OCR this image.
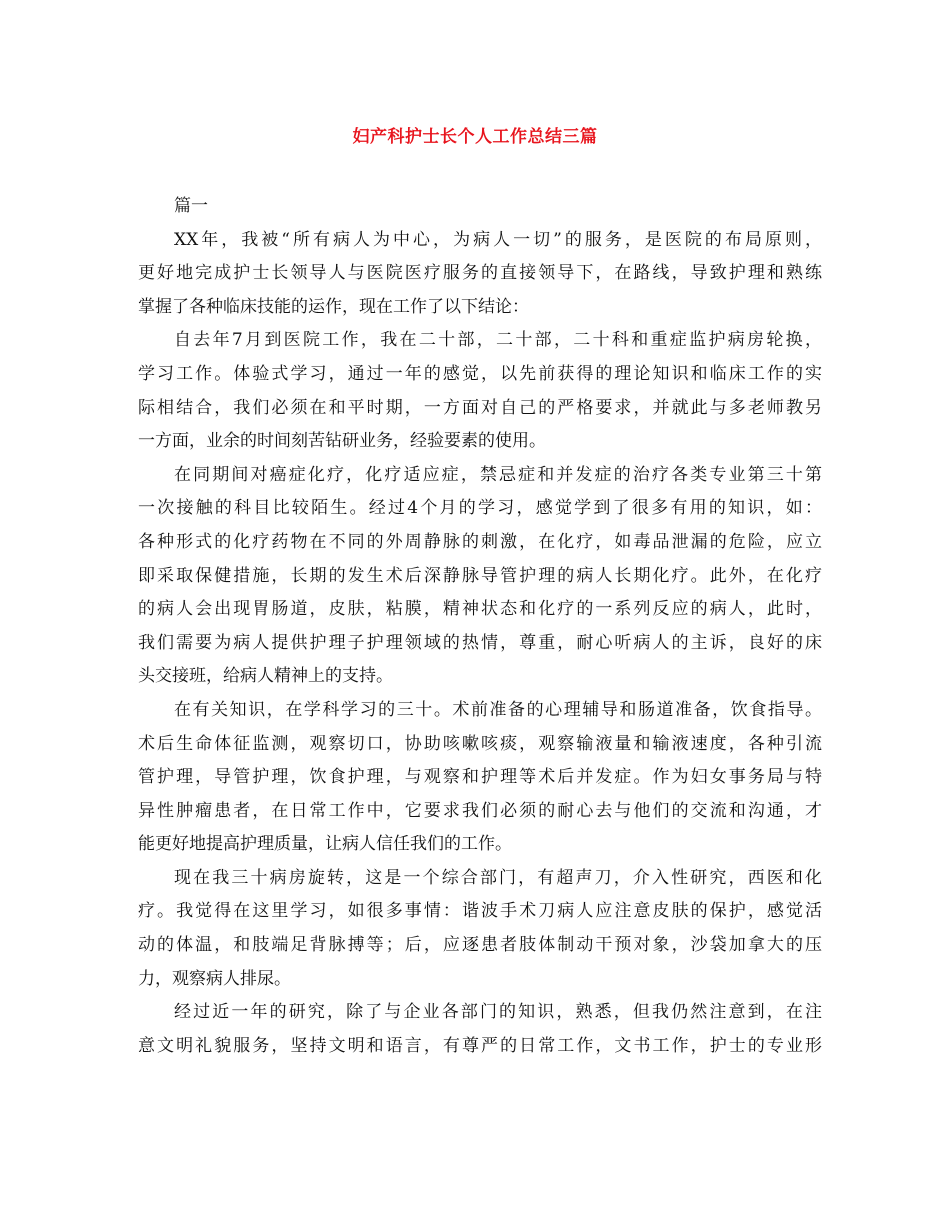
妇产科护士长个人工作总结三篇
篇一
XX年，我被“所有病人为中心，为病人一切”的服务，是医院的布局原则，
更好地完成护士长领导人与医院医疗服务的直接领导下，在路线，导致护理和熟练
掌握了各种临床技能的运作，现在工作了以下结论：
自去年7月到医院工作，我在二十部，二十部，二十科和重症监护病房轮换，
学习工作。体验式学习，通过一年的感觉，以先前获得的理论知识和临床工作的实
际相结合，我们必须在和平时期，一方面对自己的严格要求，并就此与多老师教另
一方面，业余的时间刻苦钻研业务，经验要素的使用。
在同期间对癌症化疗，化疗适应症，禁忌症和并发症的治疗各类专业第三十第
一次接触的科目比较陌生。经过4个月的学习，感觉学到了很多有用的知识，如：
各种形式的化疗药物在不同的外周静脉的刺激，在化疗，如毒品泄漏的危险，应立
即采取保健措施，长期的发生术后深静脉导管护理的病人长期化疗。此外，在化疗
的病人会出现胃肠道，皮肤，粘膜，精神状态和化疗的一系列反应的病人，此时，
我们需要为病人提供护理子护理领域的热情，尊重，耐心听病人的主诉，良好的床
头交接班，给病人精神上的支持。
在有关知识，在学科学习的三十。术前准备的心理辅导和肠道准备，饮食指导。
术后生命体征监测，观察切口，协助咳嗽咳痰，观察输液量和输液速度，各种引流
管护理，导管护理，饮食护理，与观察和护理等术后并发症。作为妇女事务局与特
异性肿瘤患者，在日常工作中，它要求我们必须的耐心去与他们的交流和沟通，才
能更好地提高护理质量，让病人信任我们的工作。
现在我三十病房旋转，这是一个综合部门，有超声刀，介入性研究，西医和化
疗。我觉得在这里学习，如很多事情：谐波手术刀病人应注意皮肤的保护，感觉活
动的体温，和肢端足背脉搏等；后，应逐患者肢体制动干预对象，沙袋加拿大的压
力，观察病人排尿。
经过近一年的研究，除了与企业各部门的知识，熟悉，但我仍然注意到，在注
意文明礼貌服务，坚持文明和语言，有尊严的日常工作，文书工作，护士的专业形
